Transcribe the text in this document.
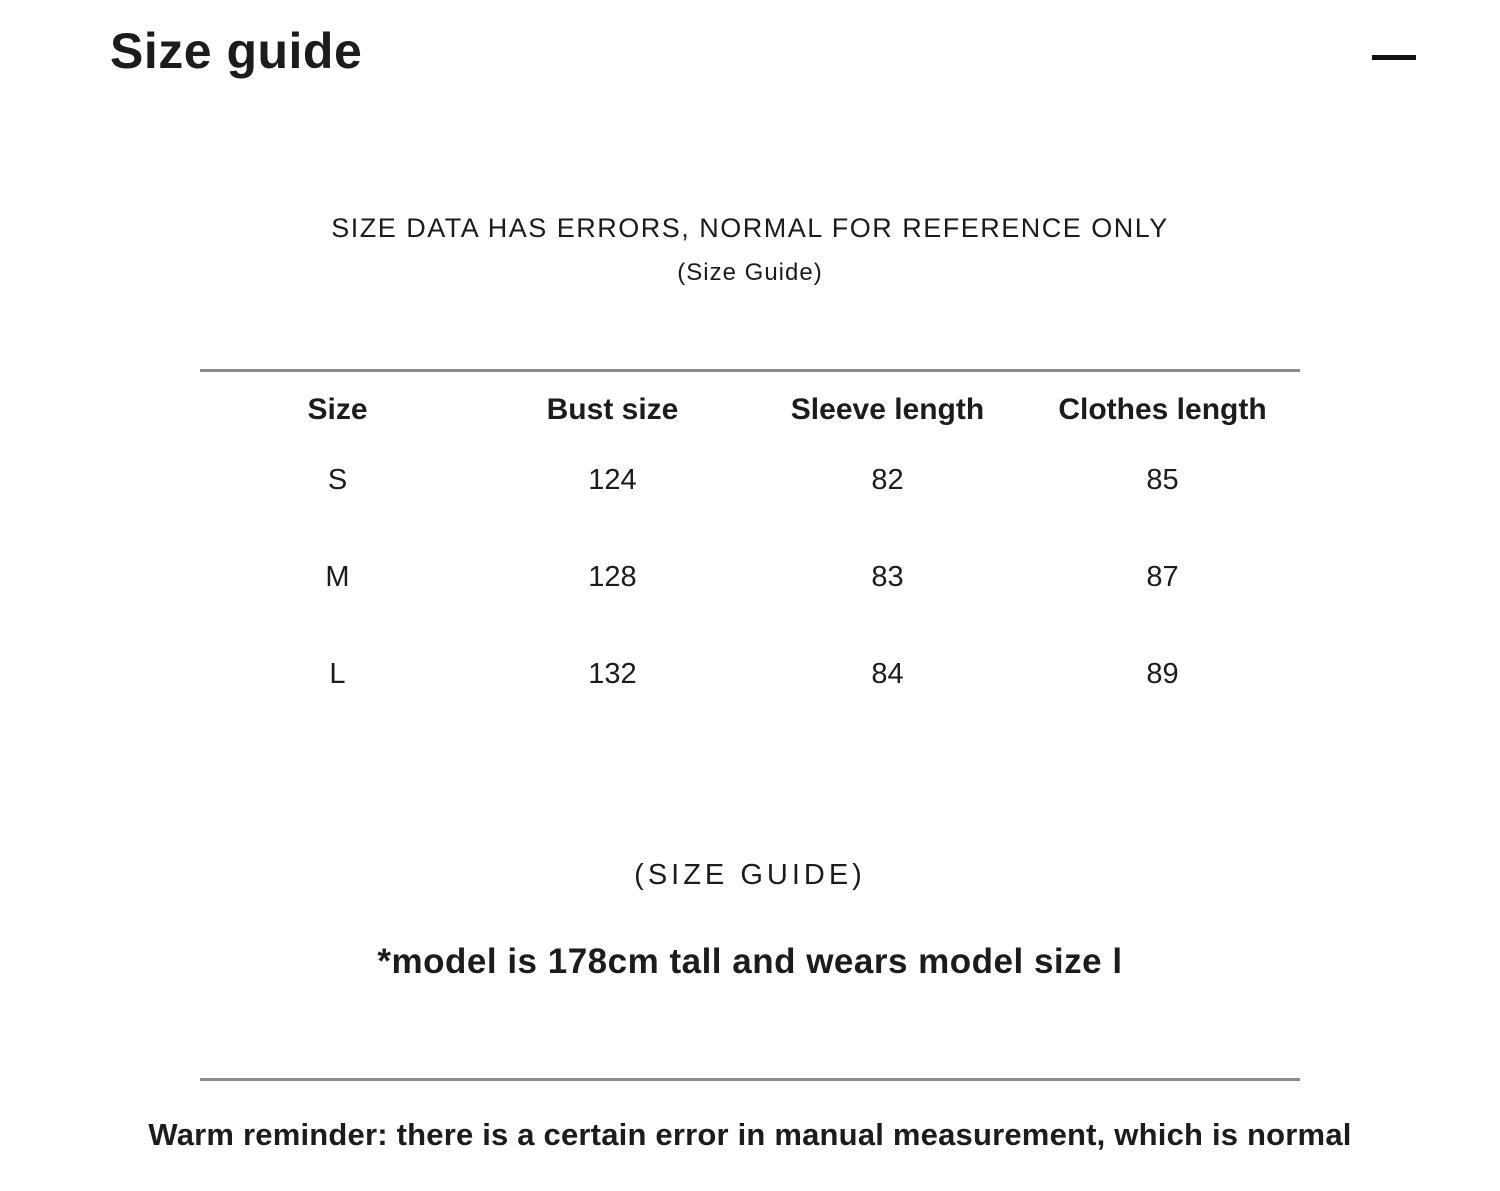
Size guide
SIZE DATA HAS ERRORS, NORMAL FOR REFERENCE ONLY
(Size Guide)
Size	Bust size	Sleeve length	Clothes length
S	124	82	85
M	128	83	87
L	132	84	89
(SIZE GUIDE)
*model is 178cm tall and wears model size l
Warm reminder: there is a certain error in manual measurement, which is normal
